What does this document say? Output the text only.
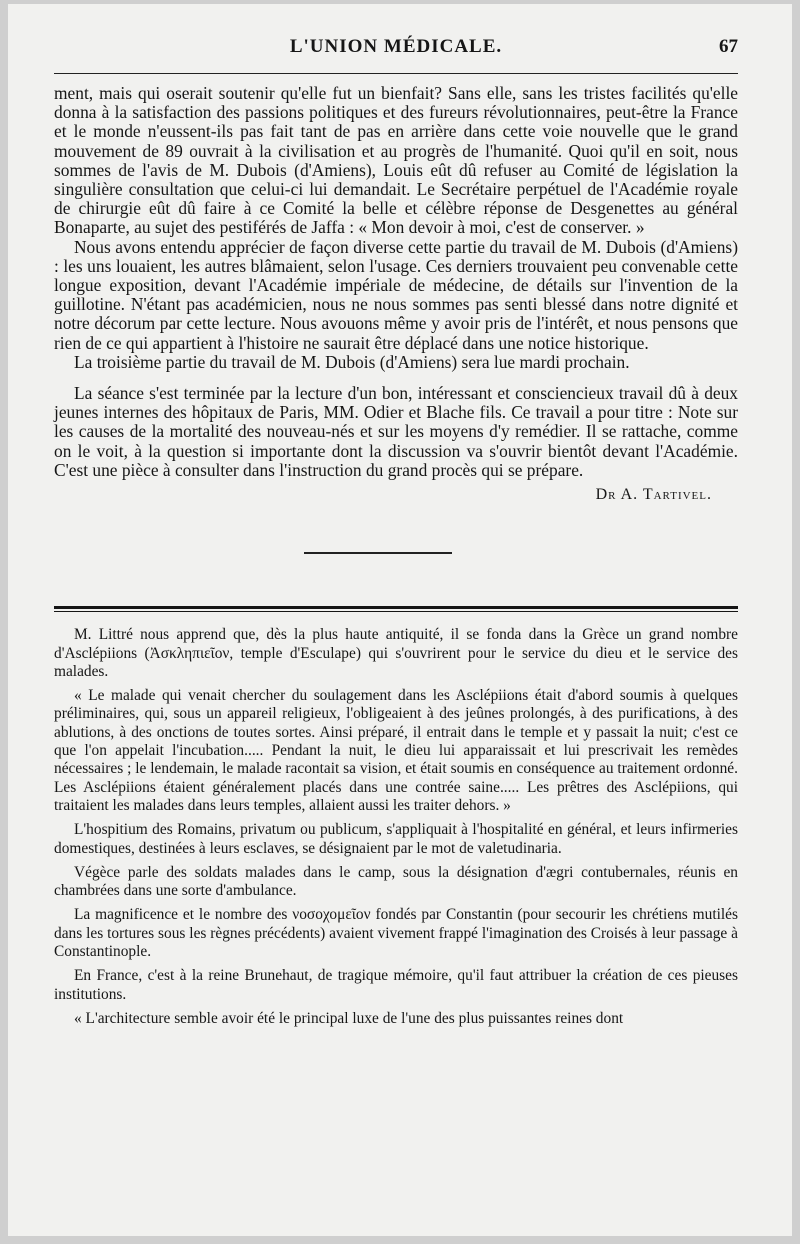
L'UNION MÉDICALE.	67

ment, mais qui oserait soutenir qu'elle fut un bienfait? Sans elle, sans les tristes facilités qu'elle donna à la satisfaction des passions politiques et des fureurs révolutionnaires, peut-être la France et le monde n'eussent-ils pas fait tant de pas en arrière dans cette voie nouvelle que le grand mouvement de 89 ouvrait à la civilisation et au progrès de l'humanité. Quoi qu'il en soit, nous sommes de l'avis de M. Dubois (d'Amiens), Louis eût dû refuser au Comité de législation la singulière consultation que celui-ci lui demandait. Le Secrétaire perpétuel de l'Académie royale de chirurgie eût dû faire à ce Comité la belle et célèbre réponse de Desgenettes au général Bonaparte, au sujet des pestiférés de Jaffa : « Mon devoir à moi, c'est de conserver. »

Nous avons entendu apprécier de façon diverse cette partie du travail de M. Dubois (d'Amiens) : les uns louaient, les autres blâmaient, selon l'usage. Ces derniers trouvaient peu convenable cette longue exposition, devant l'Académie impériale de médecine, de détails sur l'invention de la guillotine. N'étant pas académicien, nous ne nous sommes pas senti blessé dans notre dignité et notre décorum par cette lecture. Nous avouons même y avoir pris de l'intérêt, et nous pensons que rien de ce qui appartient à l'histoire ne saurait être déplacé dans une notice historique.

La troisième partie du travail de M. Dubois (d'Amiens) sera lue mardi prochain.

La séance s'est terminée par la lecture d'un bon, intéressant et consciencieux travail dû à deux jeunes internes des hôpitaux de Paris, MM. Odier et Blache fils. Ce travail a pour titre : Note sur les causes de la mortalité des nouveau-nés et sur les moyens d'y remédier. Il se rattache, comme on le voit, à la question si importante dont la discussion va s'ouvrir bientôt devant l'Académie. C'est une pièce à consulter dans l'instruction du grand procès qui se prépare.

Dr A. Tartivel.

M. Littré nous apprend que, dès la plus haute antiquité, il se fonda dans la Grèce un grand nombre d'Asclépiions (Ἀσκληπιεῖον, temple d'Esculape) qui s'ouvrirent pour le service du dieu et le service des malades.

« Le malade qui venait chercher du soulagement dans les Asclépiions était d'abord soumis à quelques préliminaires, qui, sous un appareil religieux, l'obligeaient à des jeûnes prolongés, à des purifications, à des ablutions, à des onctions de toutes sortes. Ainsi préparé, il entrait dans le temple et y passait la nuit; c'est ce que l'on appelait l'incubation..... Pendant la nuit, le dieu lui apparaissait et lui prescrivait les remèdes nécessaires ; le lendemain, le malade racontait sa vision, et était soumis en conséquence au traitement ordonné. Les Asclépiions étaient généralement placés dans une contrée saine..... Les prêtres des Asclépiions, qui traitaient les malades dans leurs temples, allaient aussi les traiter dehors. »

L'hospitium des Romains, privatum ou publicum, s'appliquait à l'hospitalité en général, et leurs infirmeries domestiques, destinées à leurs esclaves, se désignaient par le mot de valetudinaria.

Végèce parle des soldats malades dans le camp, sous la désignation d'ægri contubernales, réunis en chambrées dans une sorte d'ambulance.

La magnificence et le nombre des νοσοχομεῖον fondés par Constantin (pour secourir les chrétiens mutilés dans les tortures sous les règnes précédents) avaient vivement frappé l'imagination des Croisés à leur passage à Constantinople.

En France, c'est à la reine Brunehaut, de tragique mémoire, qu'il faut attribuer la création de ces pieuses institutions.

« L'architecture semble avoir été le principal luxe de l'une des plus puissantes reines dont
